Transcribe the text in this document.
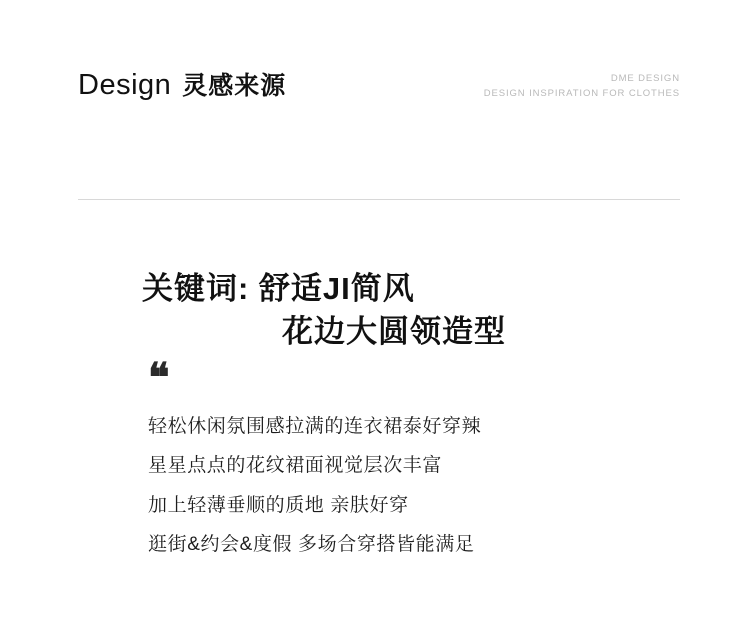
Design 灵感来源	DME DESIGN
DESIGN INSPIRATION FOR CLOTHES
关键词: 舒适JI简风
花边大圆领造型
❝
轻松休闲氛围感拉满的连衣裙泰好穿辣
星星点点的花纹裙面视觉层次丰富
加上轻薄垂顺的质地 亲肤好穿
逛街&约会&度假 多场合穿搭皆能满足
